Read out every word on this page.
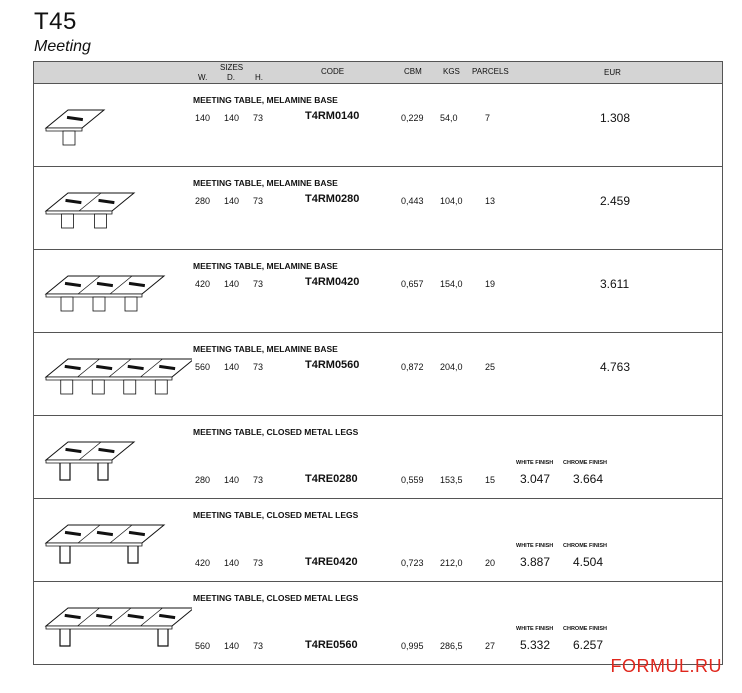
T45
Meeting
SIZES
W. D.	H.
CODE	CBM	KGS PARCELS	EUR
MEETING TABLE, MELAMINE BASE
140 140 73	T4RM0140	0,229 54,0	7	1.308
MEETING TABLE, MELAMINE BASE
280 140 73	T4RM0280	0,443 104,0 13	2.459
MEETING TABLE, MELAMINE BASE
420 140 73	T4RM0420	0,657 154,0 19	3.611
MEETING TABLE, MELAMINE BASE
560 140 73	T4RM0560	0,872 204,0 25	4.763
MEETING TABLE, CLOSED METAL LEGS
280 140 73	T4RE0280	0,559 153,5 15
WHITE FINISH CHROME FINISH
3.047 3.664
MEETING TABLE, CLOSED METAL LEGS
420 140 73	T4RE0420	0,723 212,0 20
WHITE FINISH CHROME FINISH
3.887 4.504
MEETING TABLE, CLOSED METAL LEGS
560 140 73	T4RE0560	0,995 286,5 27
WHITE FINISH CHROME FINISH
5.332 6.257
FORMUL.RU
